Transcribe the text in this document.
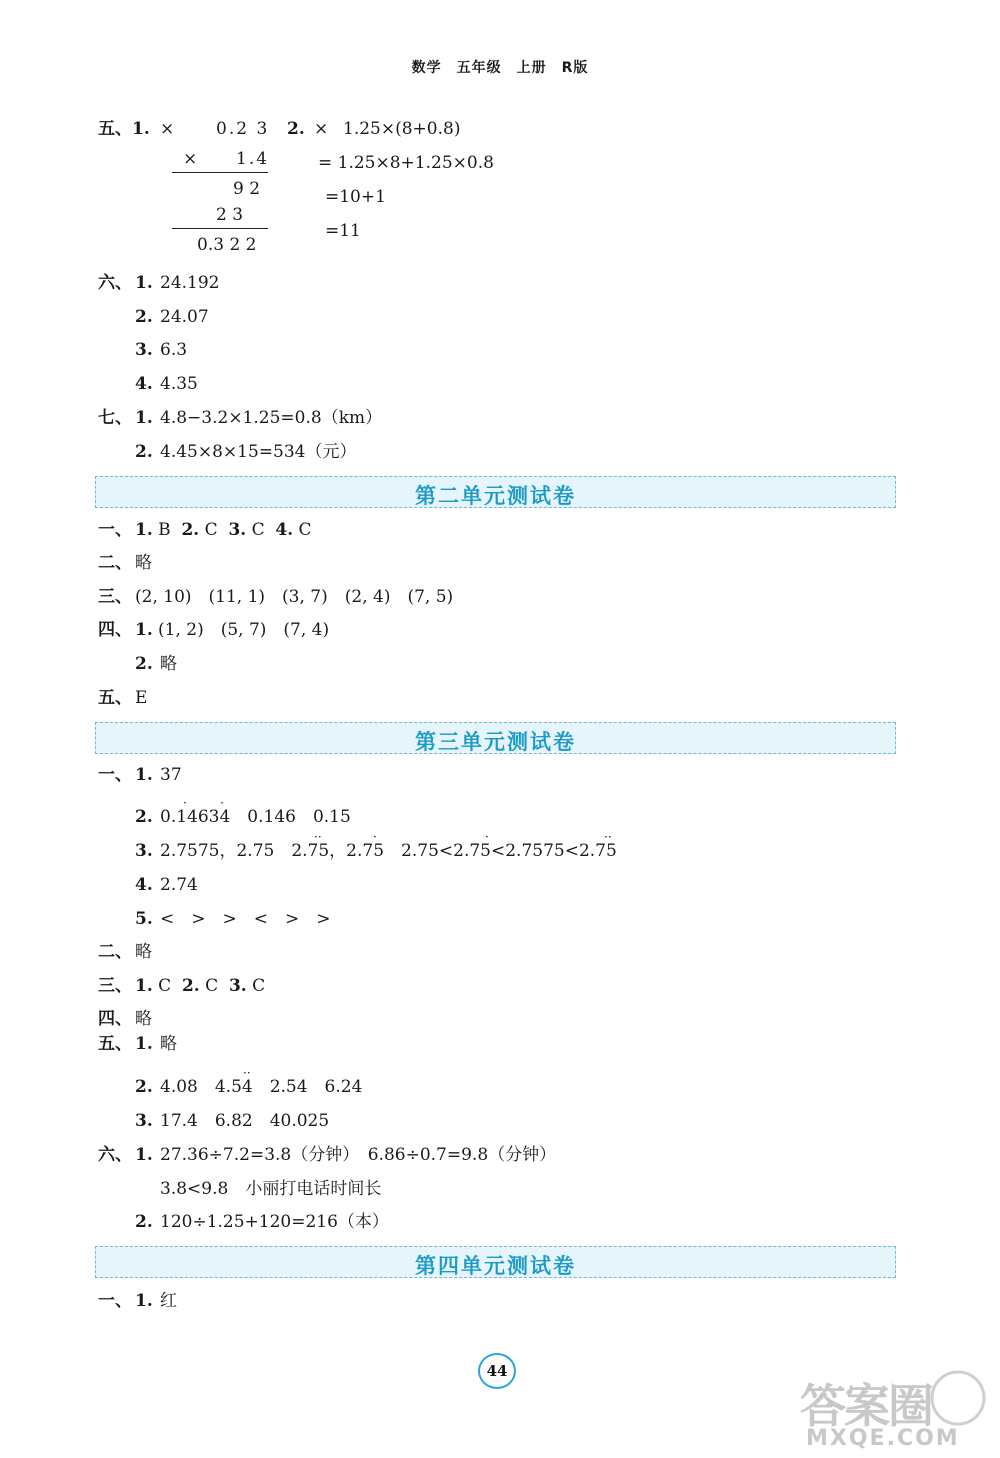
数学　五年级　上册　R版
五、1. × 0.2 3
× 1.4
9 2
2 3
0.3 2 2
2. × 1.25×(8+0.8)
= 1.25×8+1.25×0.8
=10+1
=11
六、 1. 24.192
2. 24.07
3. 6.3
4. 4.35
七、 1. 4.8−3.2×1.25=0.8（km）
2. 4.45×8×15=534（元）
第二单元测试卷
一、 1. B  2. C  3. C  4. C
二、 略
三、 (2, 10)　(11, 1)　(3, 7)　(2, 4)　(7, 5)
四、 1. (1, 2)　(5, 7)　(7, 4)
2. 略
五、 E
第三单元测试卷
一、 1. 37
2. 0.14634　0.146　0.15
·	·
3. 2.7575，2.75　2.75，2.75　2.75<2.75<2.7575<2.75
··	·	·	··
4. 2.74
5. <　>　>　<　>　>
二、 略
三、 1. C  2. C  3. C
四、 略
五、 1. 略
2. 4.08　4.54　2.54　6.24
··
3. 17.4　6.82　40.025
六、 1. 27.36÷7.2=3.8（分钟）　6.86÷0.7=9.8（分钟）
3.8<9.8　小丽打电话时间长
2. 120÷1.25+120=216（本）
第四单元测试卷
一、 1. 红
44
答案圈
MXQE.COM
